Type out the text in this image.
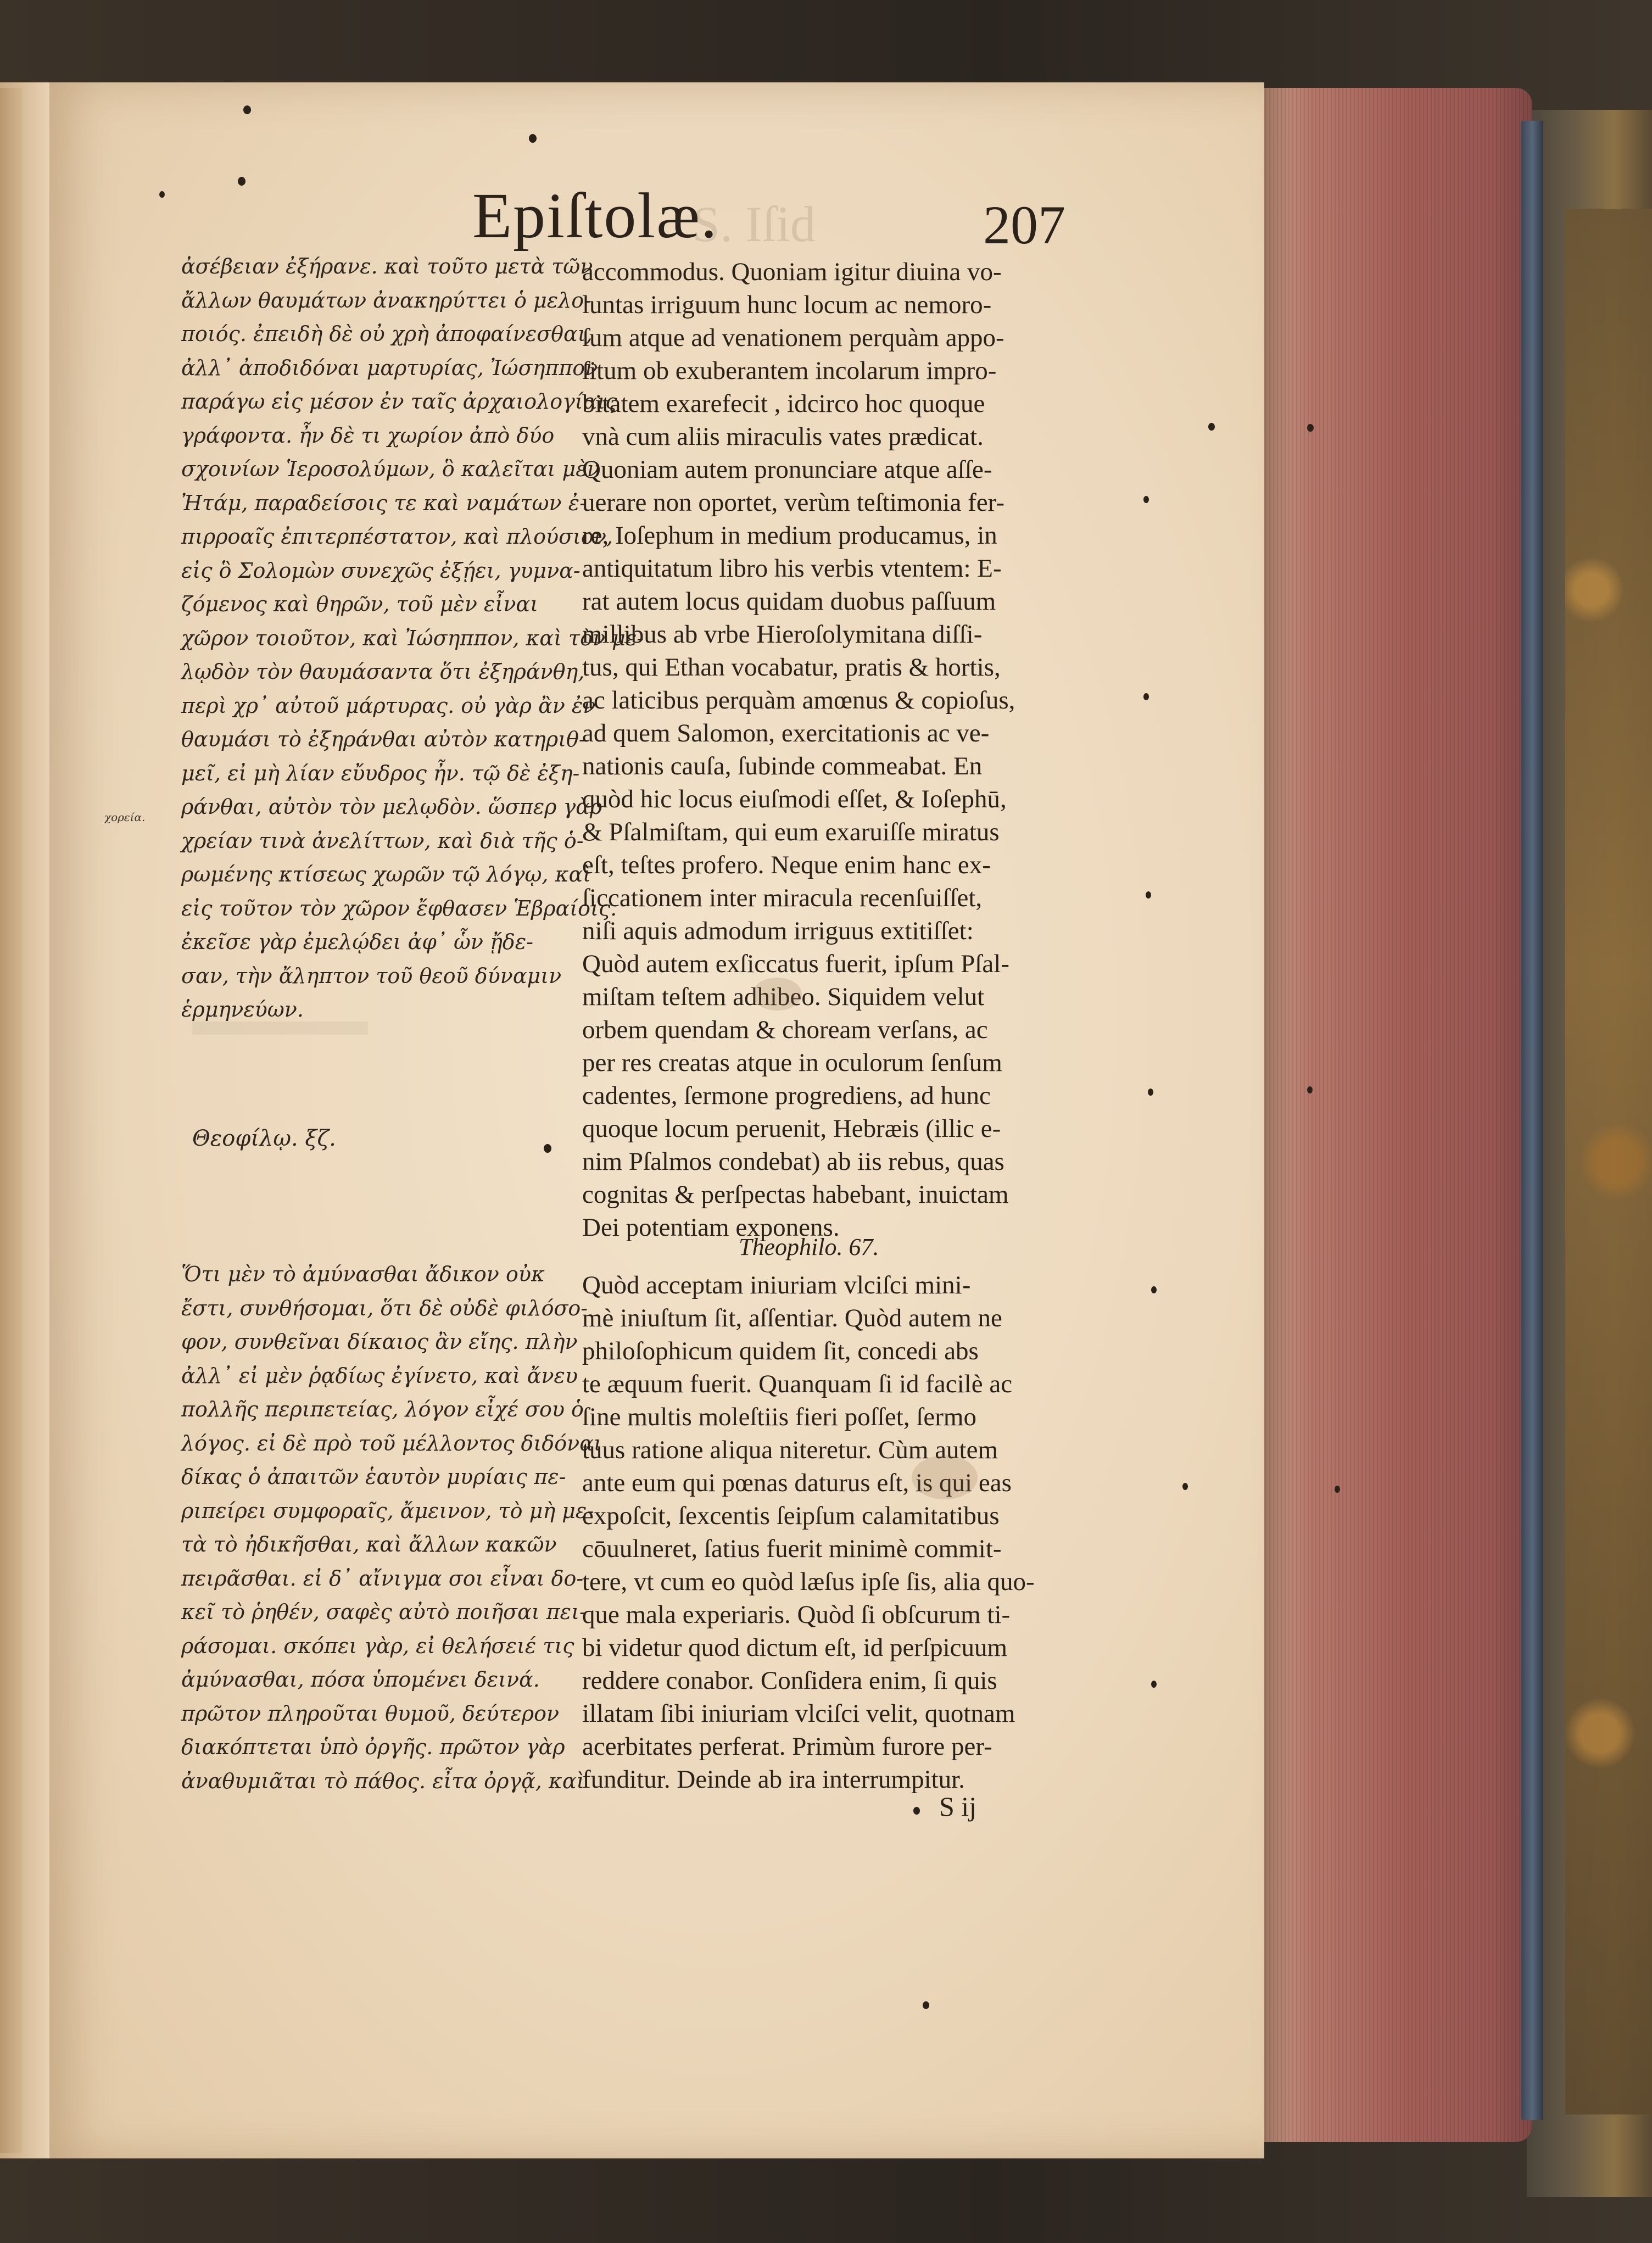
S. Iſid
Epiſtolæ.	207
ἀσέβειαν ἐξήρανε. καὶ τοῦτο μετὰ τῶν
ἄλλων θαυμάτων ἀνακηρύττει ὁ μελο-
ποιός. ἐπειδὴ δὲ οὐ χρὴ ἀποφαίνεσθαι,
ἀλλ᾽ ἀποδιδόναι μαρτυρίας, Ἰώσηππον
παράγω εἰς μέσον ἐν ταῖς ἀρχαιολογίαις
γράφοντα. ἦν δὲ τι χωρίον ἀπὸ δύο
σχοινίων Ἱεροσολύμων, ὃ καλεῖται μὲν
Ἠτάμ, παραδείσοις τε καὶ ναμάτων ἐ-
πιρροαῖς ἐπιτερπέστατον, καὶ πλούσιον,
εἰς ὃ Σολομὼν συνεχῶς ἐξῄει, γυμνα-
ζόμενος καὶ θηρῶν, τοῦ μὲν εἶναι
χῶρον τοιοῦτον, καὶ Ἰώσηππον, καὶ τὸν με-
λῳδὸν τὸν θαυμάσαντα ὅτι ἐξηράνθη,
περὶ χρ᾽ αὐτοῦ μάρτυρας. οὐ γὰρ ἂν ἐν
θαυμάσι τὸ ἐξηράνθαι αὐτὸν κατηριθ-
μεῖ, εἰ μὴ λίαν εὔυδρος ἦν. τῷ δὲ ἐξη-
ράνθαι, αὐτὸν τὸν μελῳδὸν. ὥσπερ γὰρ
χρείαν τινὰ ἀνελίττων, καὶ διὰ τῆς ὁ-
ρωμένης κτίσεως χωρῶν τῷ λόγῳ, καὶ
εἰς τοῦτον τὸν χῶρον ἔφθασεν Ἑβραίοις.
ἐκεῖσε γὰρ ἐμελῴδει ἀφ᾽ ὧν ᾔδε-
σαν, τὴν ἄληπτον τοῦ θεοῦ δύναμιν
ἑρμηνεύων.
χορεία.
Θεοφίλῳ. ξζ.
Ὅτι μὲν τὸ ἀμύνασθαι ἄδικον οὐκ
ἔστι, συνθήσομαι, ὅτι δὲ οὐδὲ φιλόσο-
φον, συνθεῖναι δίκαιος ἂν εἴης. πλὴν
ἀλλ᾽ εἰ μὲν ῥᾳδίως ἐγίνετο, καὶ ἄνευ
πολλῆς περιπετείας, λόγον εἶχέ σου ὁ
λόγος. εἰ δὲ πρὸ τοῦ μέλλοντος διδόναι
δίκας ὁ ἀπαιτῶν ἑαυτὸν μυρίαις πε-
ριπείρει συμφοραῖς, ἄμεινον, τὸ μὴ με-
τὰ τὸ ἠδικῆσθαι, καὶ ἄλλων κακῶν
πειρᾶσθαι. εἰ δ᾽ αἴνιγμα σοι εἶναι δο-
κεῖ τὸ ῥηθέν, σαφὲς αὐτὸ ποιῆσαι πει-
ράσομαι. σκόπει γὰρ, εἰ θελήσειέ τις
ἀμύνασθαι, πόσα ὑπομένει δεινά.
πρῶτον πληροῦται θυμοῦ, δεύτερον
διακόπτεται ὑπὸ ὀργῆς. πρῶτον γὰρ
ἀναθυμιᾶται τὸ πάθος. εἶτα ὀργᾷ, καὶ
accommodus. Quoniam igitur diuina vo-
luntas irriguum hunc locum ac nemoro-
ſum atque ad venationem perquàm appo-
ſitum ob exuberantem incolarum impro-
bitatem exarefecit , idcirco hoc quoque
vnà cum aliis miraculis vates prædicat.
Quoniam autem pronunciare atque aſſe-
uerare non oportet, verùm teſtimonia fer-
re, Ioſephum in medium producamus, in
antiquitatum libro his verbis vtentem: E-
rat autem locus quidam duobus paſſuum
millibus ab vrbe Hieroſolymitana diſſi-
tus, qui Ethan vocabatur, pratis & hortis,
ac laticibus perquàm amœnus & copioſus,
ad quem Salomon, exercitationis ac ve-
nationis cauſa, ſubinde commeabat. En
quòd hic locus eiuſmodi eſſet, & Ioſephū,
& Pſalmiſtam, qui eum exaruiſſe miratus
eſt, teſtes profero. Neque enim hanc ex-
ſiccationem inter miracula recenſuiſſet,
niſi aquis admodum irriguus extitiſſet:
Quòd autem exſiccatus fuerit, ipſum Pſal-
miſtam teſtem adhibeo. Siquidem velut
orbem quendam & choream verſans, ac
per res creatas atque in oculorum ſenſum
cadentes, ſermone progrediens, ad hunc
quoque locum peruenit, Hebræis (illic e-
nim Pſalmos condebat) ab iis rebus, quas
cognitas & perſpectas habebant, inuictam
Dei potentiam exponens.
Theophilo. 67.
Quòd acceptam iniuriam vlciſci mini-
mè iniuſtum ſit, aſſentiar. Quòd autem ne
philoſophicum quidem ſit, concedi abs
te æquum fuerit. Quanquam ſi id facilè ac
ſine multis moleſtiis fieri poſſet, ſermo
tuus ratione aliqua niteretur. Cùm autem
ante eum qui pœnas daturus eſt, is qui eas
expoſcit, ſexcentis ſeipſum calamitatibus
cōuulneret, ſatius fuerit minimè commit-
tere, vt cum eo quòd læſus ipſe ſis, alia quo-
que mala experiaris. Quòd ſi obſcurum ti-
bi videtur quod dictum eſt, id perſpicuum
reddere conabor. Conſidera enim, ſi quis
illatam ſibi iniuriam vlciſci velit, quotnam
acerbitates perferat. Primùm furore per-
funditur. Deinde ab ira interrumpitur.
S ij
